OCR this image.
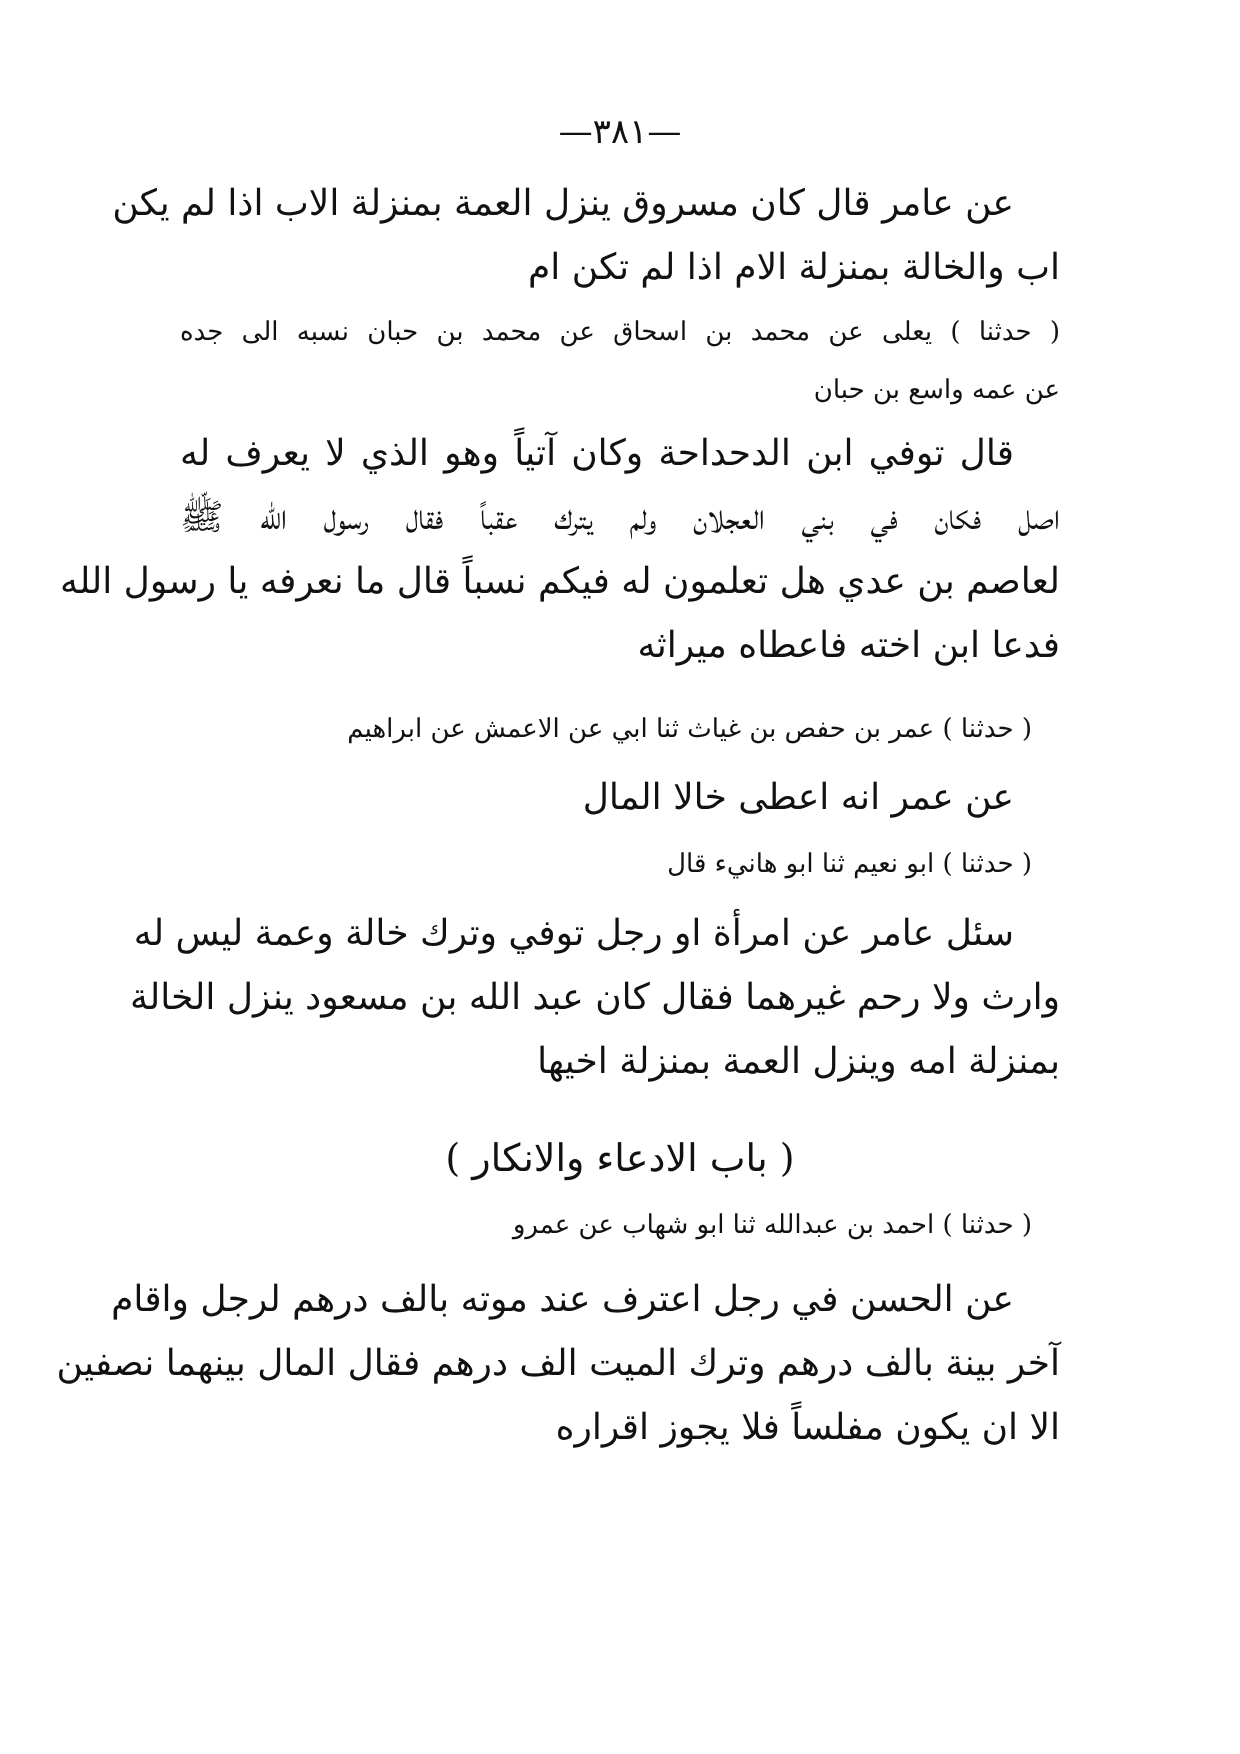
—٣٨١—
عن عامر قال كان مسروق ينزل العمة بمنزلة الاب اذا لم يكن
اب والخالة بمنزلة الام اذا لم تكن ام
( حدثنا ) يعلى عن محمد بن اسحاق عن محمد بن حبان نسبه الى جده
عن عمه واسع بن حبان
قال توفي ابن الدحداحة وكان آتياً وهو الذي لا يعرف له
اصل فكان في بني العجلان ولم يترك عقباً فقال رسول الله ﷺ
لعاصم بن عدي هل تعلمون له فيكم نسباً قال ما نعرفه يا رسول الله
فدعا ابن اخته فاعطاه ميراثه
( حدثنا ) عمر بن حفص بن غياث ثنا ابي عن الاعمش عن ابراهيم
عن عمر انه اعطى خالا المال
( حدثنا ) ابو نعيم ثنا ابو هانيء قال
سئل عامر عن امرأة او رجل توفي وترك خالة وعمة ليس له
وارث ولا رحم غيرهما فقال كان عبد الله بن مسعود ينزل الخالة
بمنزلة امه وينزل العمة بمنزلة اخيها
( باب الادعاء والانكار )
( حدثنا ) احمد بن عبدالله ثنا ابو شهاب عن عمرو
عن الحسن في رجل اعترف عند موته بالف درهم لرجل واقام
آخر بينة بالف درهم وترك الميت الف درهم فقال المال بينهما نصفين
الا ان يكون مفلساً فلا يجوز اقراره
